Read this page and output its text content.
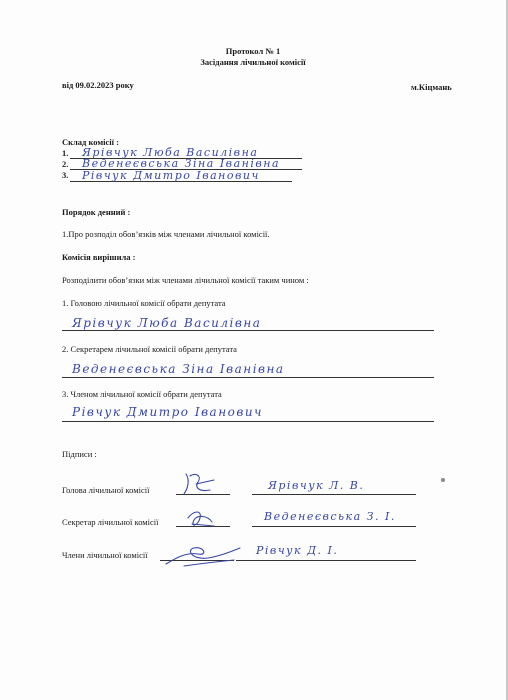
Протокол № 1
Засідання лічильної комісії
від 09.02.2023 року	м.Кіцмань
Склад комісії :
1. Ярівчук Люба Василівна
2. Веденеєвська Зіна Іванівна
3. Рівчук Дмитро Іванович
Порядок денний :
1.Про розподіл обов’язків між членами лічильної комісії.
Комісія вирішила :
Розподілити обов’язки між членами лічильної комісії таким чином :
1. Головою лічильної комісії обрати депутата
Ярівчук Люба Василівна
2. Секретарем лічильної комісії обрати депутата
Веденеєвська Зіна Іванівна
3. Членом лічильної комісії обрати депутата
Рівчук Дмитро Іванович
Підписи :
Голова лічильної комісії	Ярівчук Л. В.
Секретар лічильної комісії	Веденеєвська З. І.
Члени лічильної комісії	Рівчук Д. І.
